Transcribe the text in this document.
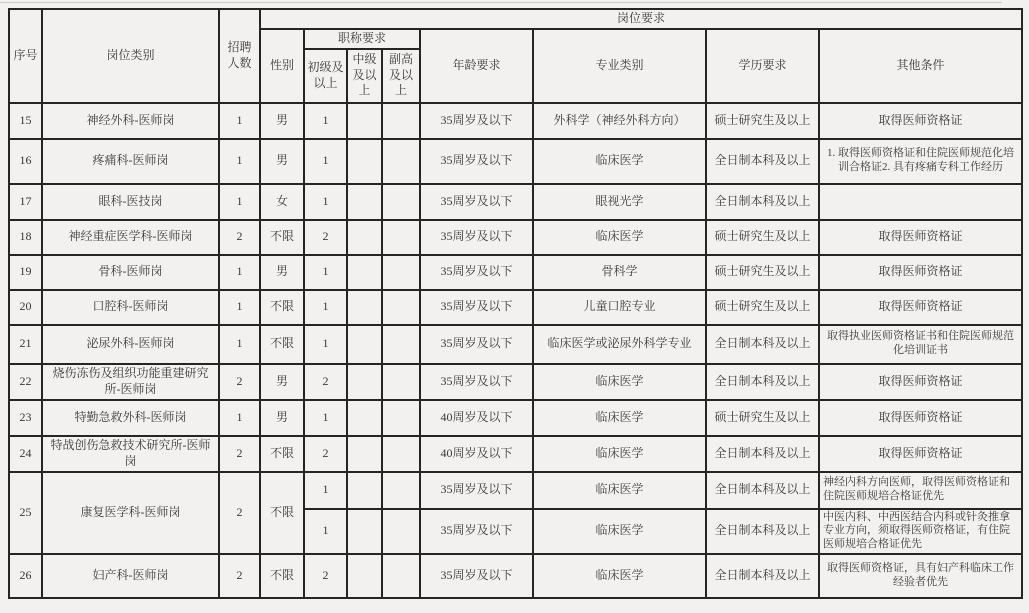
序号	岗位类别	招聘人数	岗位要求							
			性别	职称要求			年龄要求	专业类别	学历要求	其他条件
				初级及以上	中级及以上	副高及以上				
15	神经外科-医师岗	1	男	1			35周岁及以下	外科学（神经外科方向）	硕士研究生及以上	取得医师资格证
16	疼痛科-医师岗	1	男	1			35周岁及以下	临床医学	全日制本科及以上	1. 取得医师资格证和住院医师规范化培训合格证2. 具有疼痛专科工作经历
17	眼科-医技岗	1	女	1			35周岁及以下	眼视光学	全日制本科及以上	
18	神经重症医学科-医师岗	2	不限	2			35周岁及以下	临床医学	硕士研究生及以上	取得医师资格证
19	骨科-医师岗	1	男	1			35周岁及以下	骨科学	硕士研究生及以上	取得医师资格证
20	口腔科-医师岗	1	不限	1			35周岁及以下	儿童口腔专业	硕士研究生及以上	取得医师资格证
21	泌尿外科-医师岗	1	不限	1			35周岁及以下	临床医学或泌尿外科学专业	全日制本科及以上	取得执业医师资格证书和住院医师规范化培训证书
22	烧伤冻伤及组织功能重建研究所-医师岗	2	男	2			35周岁及以下	临床医学	全日制本科及以上	取得医师资格证
23	特勤急救外科-医师岗	1	男	1			40周岁及以下	临床医学	硕士研究生及以上	取得医师资格证
24	特战创伤急救技术研究所-医师岗	2	不限	2			40周岁及以下	临床医学	全日制本科及以上	取得医师资格证
25	康复医学科-医师岗	2	不限	1			35周岁及以下	临床医学	全日制本科及以上	神经内科方向医师，取得医师资格证和住院医师规培合格证优先
				1			35周岁及以下	临床医学	全日制本科及以上	中医内科、中西医结合内科或针灸推拿专业方向，须取得医师资格证，有住院医师规培合格证优先
26	妇产科-医师岗	2	不限	2			35周岁及以下	临床医学	全日制本科及以上	取得医师资格证，具有妇产科临床工作经验者优先
